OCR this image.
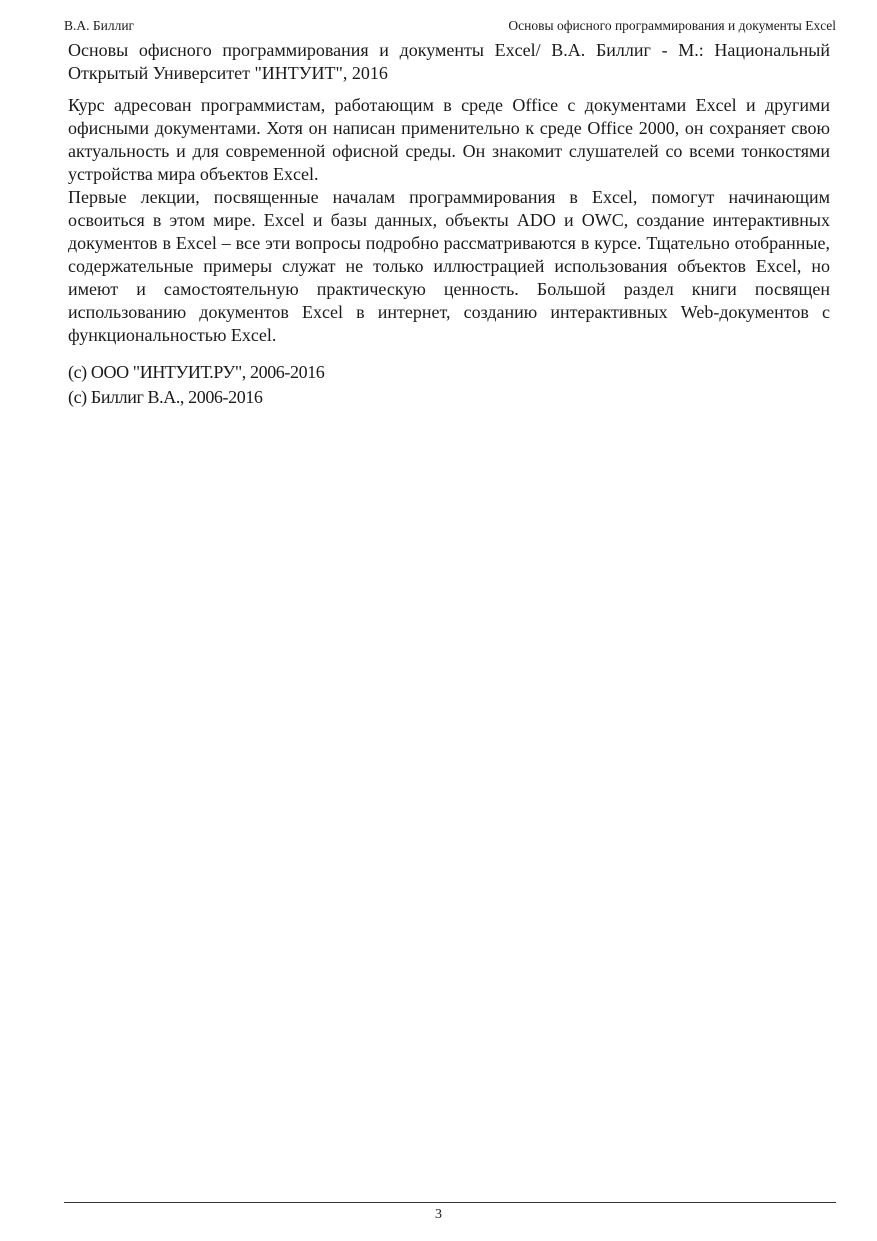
В.А. Биллиг	Основы офисного программирования и документы Excel

Основы офисного программирования и документы Excel/ В.А. Биллиг - М.: Национальный Открытый Университет "ИНТУИТ", 2016

Курс адресован программистам, работающим в среде Office с документами Excel и другими офисными документами. Хотя он написан применительно к среде Office 2000, он сохраняет свою актуальность и для современной офисной среды. Он знакомит слушателей со всеми тонкостями устройства мира объектов Excel.

Первые лекции, посвященные началам программирования в Excel, помогут начинающим освоиться в этом мире. Excel и базы данных, объекты ADO и OWC, создание интерактивных документов в Excel – все эти вопросы подробно рассматриваются в курсе. Тщательно отобранные, содержательные примеры служат не только иллюстрацией использования объектов Excel, но имеют и самостоятельную практическую ценность. Большой раздел книги посвящен использованию документов Excel в интернет, созданию интерактивных Web-документов с функциональностью Excel.

(c) ООО "ИНТУИТ.РУ", 2006-2016

(c) Биллиг В.А., 2006-2016

3
